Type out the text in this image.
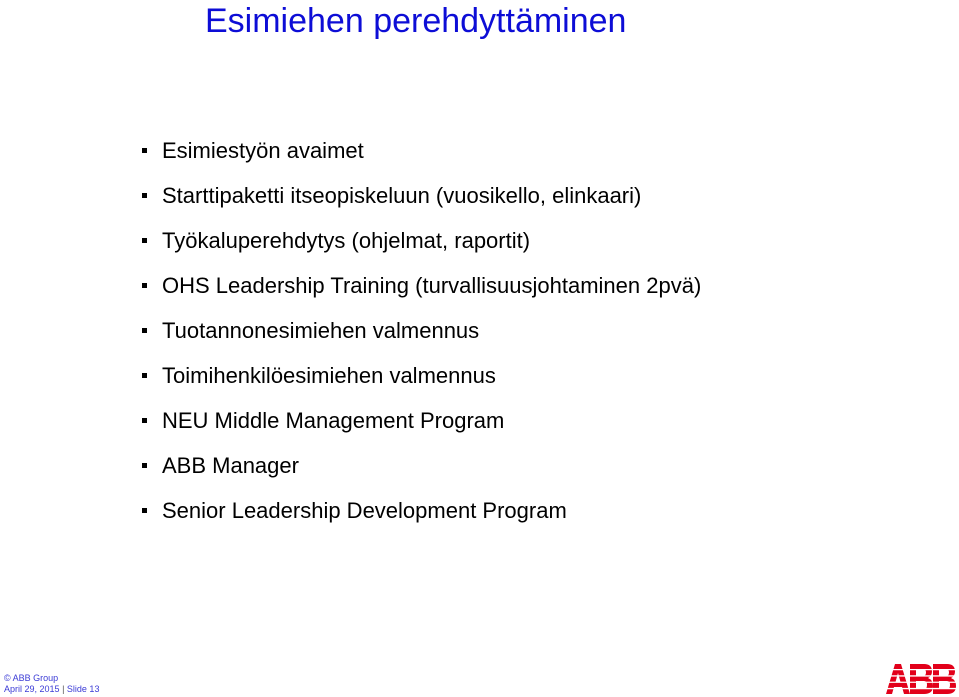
Esimiehen perehdyttäminen
Esimiestyön avaimet
Starttipaketti itseopiskeluun (vuosikello, elinkaari)
Työkaluperehdytys (ohjelmat, raportit)
OHS Leadership Training (turvallisuusjohtaminen 2pvä)
Tuotannonesimiehen valmennus
Toimihenkilöesimiehen valmennus
NEU Middle Management Program
ABB Manager
Senior Leadership Development Program
© ABB Group
April 29, 2015 | Slide 13
